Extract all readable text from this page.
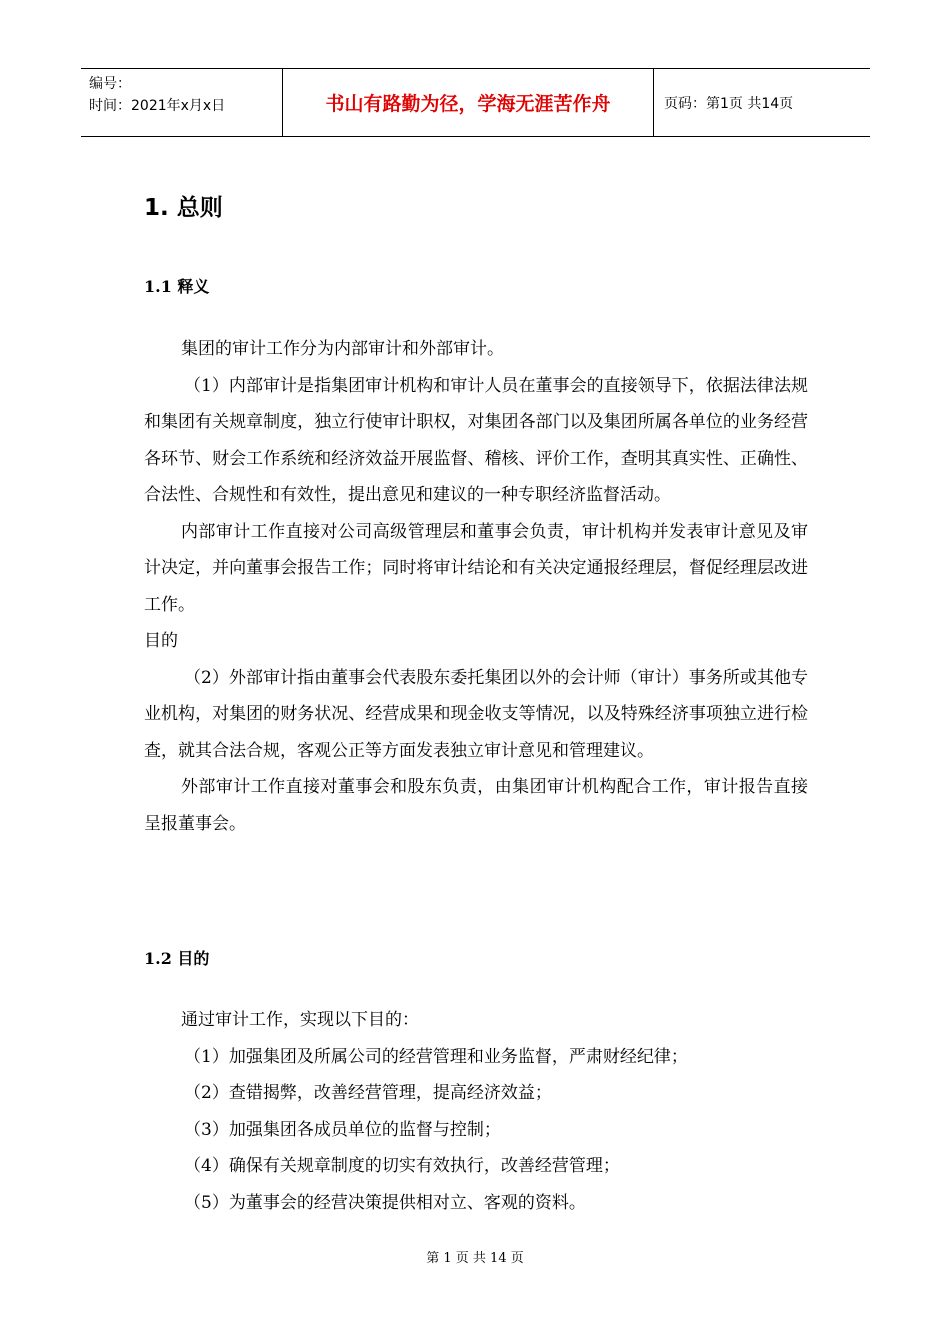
编号：
时间：2021年x月x日	书山有路勤为径，学海无涯苦作舟	页码：第1页 共14页
1. 总则
1.1 释义

集团的审计工作分为内部审计和外部审计。

（1）内部审计是指集团审计机构和审计人员在董事会的直接领导下，依据法律法规和集团有关规章制度，独立行使审计职权，对集团各部门以及集团所属各单位的业务经营各环节、财会工作系统和经济效益开展监督、稽核、评价工作，查明其真实性、正确性、合法性、合规性和有效性，提出意见和建议的一种专职经济监督活动。

内部审计工作直接对公司高级管理层和董事会负责，审计机构并发表审计意见及审计决定，并向董事会报告工作；同时将审计结论和有关决定通报经理层，督促经理层改进工作。

目的

（2）外部审计指由董事会代表股东委托集团以外的会计师（审计）事务所或其他专业机构，对集团的财务状况、经营成果和现金收支等情况，以及特殊经济事项独立进行检查，就其合法合规，客观公正等方面发表独立审计意见和管理建议。

外部审计工作直接对董事会和股东负责，由集团审计机构配合工作，审计报告直接呈报董事会。

1.2 目的

通过审计工作，实现以下目的：

（1）加强集团及所属公司的经营管理和业务监督，严肃财经纪律；

（2）查错揭弊，改善经营管理，提高经济效益；

（3）加强集团各成员单位的监督与控制；

（4）确保有关规章制度的切实有效执行，改善经营管理；

（5）为董事会的经营决策提供相对立、客观的资料。

第 1 页 共 14 页
